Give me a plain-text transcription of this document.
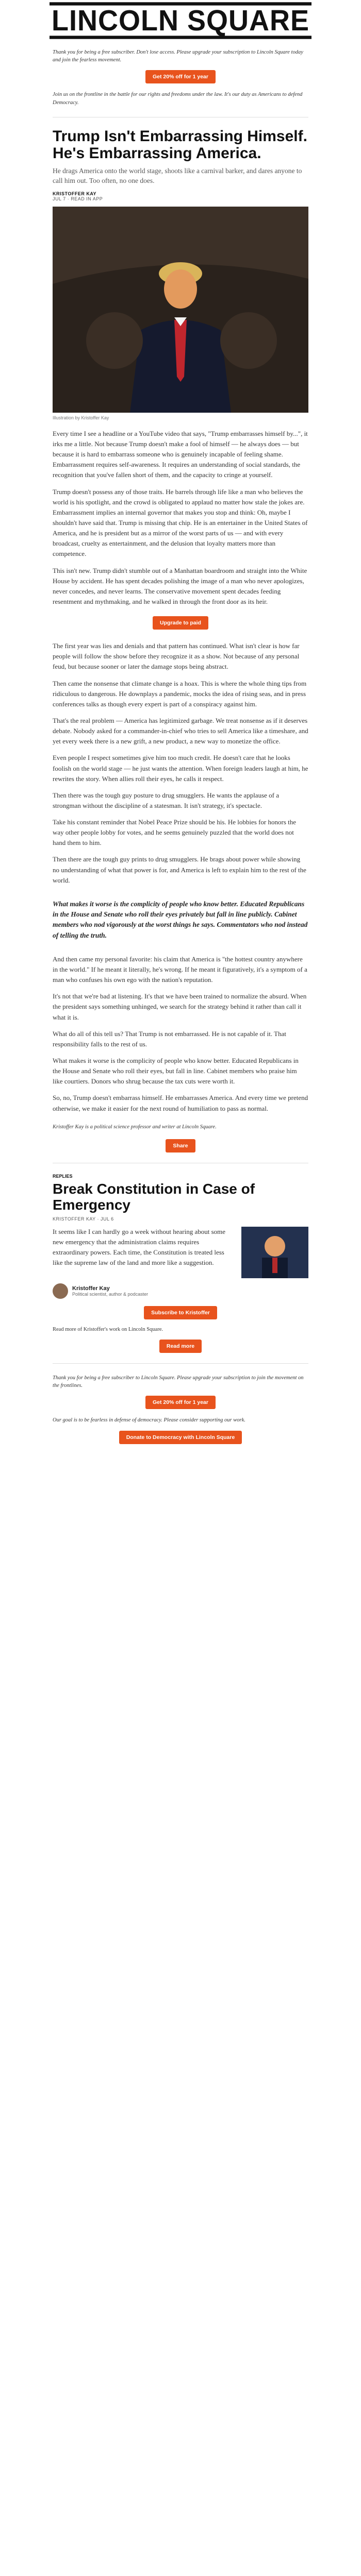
LINCOLN SQUARE

Thank you for being a free subscriber. Don't lose access. Please upgrade your subscription to Lincoln Square today and join the fearless movement.

Get 20% off for 1 year

Join us on the frontline in the battle for our rights and freedoms under the law. It's our duty as Americans to defend Democracy.

Trump Isn't Embarrassing Himself. He's Embarrassing America.
He drags America onto the world stage, shoots like a carnival barker, and dares anyone to call him out. Too often, no one does.
KRISTOFFER KAY
JUL 7 · READ IN APP
Illustration by Kristoffer Kay

Every time I see a headline or a YouTube video that says, "Trump embarrasses himself by...", it irks me a little. Not because Trump doesn't make a fool of himself — he always does — but because it is hard to embarrass someone who is genuinely incapable of feeling shame. Embarrassment requires self-awareness. It requires an understanding of social standards, the recognition that you've fallen short of them, and the capacity to cringe at yourself.

Trump doesn't possess any of those traits. He barrels through life like a man who believes the world is his spotlight, and the crowd is obligated to applaud no matter how stale the jokes are. Embarrassment implies an internal governor that makes you stop and think: Oh, maybe I shouldn't have said that. Trump is missing that chip. He is an entertainer in the United States of America, and he is president but as a mirror of the worst parts of us — and with every broadcast, cruelty as entertainment, and the delusion that loyalty matters more than competence.

This isn't new. Trump didn't stumble out of a Manhattan boardroom and straight into the White House by accident. He has spent decades polishing the image of a man who never apologizes, never concedes, and never learns. The conservative movement spent decades feeding resentment and mythmaking, and he walked in through the front door as its heir.

Upgrade to paid

The first year was lies and denials and that pattern has continued. What isn't clear is how far people will follow the show before they recognize it as a show. Not because of any personal feud, but because sooner or later the damage stops being abstract.

Then came the nonsense that climate change is a hoax. This is where the whole thing tips from ridiculous to dangerous. He downplays a pandemic, mocks the idea of rising seas, and in press conferences talks as though every expert is part of a conspiracy against him.

That's the real problem — America has legitimized garbage. We treat nonsense as if it deserves debate. Nobody asked for a commander-in-chief who tries to sell America like a timeshare, and yet every week there is a new grift, a new product, a new way to monetize the office.

Even people I respect sometimes give him too much credit. He doesn't care that he looks foolish on the world stage — he just wants the attention. When foreign leaders laugh at him, he rewrites the story. When allies roll their eyes, he calls it respect.

Then there was the tough guy posture to drug smugglers. He wants the applause of a strongman without the discipline of a statesman. It isn't strategy, it's spectacle.

Take his constant reminder that Nobel Peace Prize should be his. He lobbies for honors the way other people lobby for votes, and he seems genuinely puzzled that the world does not hand them to him.

Then there are the tough guy prints to drug smugglers. He brags about power while showing no understanding of what that power is for, and America is left to explain him to the rest of the world.

What makes it worse is the complicity of people who know better. Educated Republicans in the House and Senate who roll their eyes privately but fall in line publicly. Cabinet members who nod vigorously at the worst things he says. Commentators who nod instead of telling the truth.

And then came my personal favorite: his claim that America is "the hottest country anywhere in the world." If he meant it literally, he's wrong. If he meant it figuratively, it's a symptom of a man who confuses his own ego with the nation's reputation.

It's not that we're bad at listening. It's that we have been trained to normalize the absurd. When the president says something unhinged, we search for the strategy behind it rather than call it what it is.

What do all of this tell us? That Trump is not embarrassed. He is not capable of it. That responsibility falls to the rest of us.

What makes it worse is the complicity of people who know better. Educated Republicans in the House and Senate who roll their eyes, but fall in line. Cabinet members who praise him like courtiers. Donors who shrug because the tax cuts were worth it.

So, no, Trump doesn't embarrass himself. He embarrasses America. And every time we pretend otherwise, we make it easier for the next round of humiliation to pass as normal.

Kristoffer Kay is a political science professor and writer at Lincoln Square.

Share
REPLIES
Break Constitution in Case of Emergency
KRISTOFFER KAY · JUL 6

It seems like I can hardly go a week without hearing about some new emergency that the administration claims requires extraordinary powers. Each time, the Constitution is treated less like the supreme law of the land and more like a suggestion.

Kristoffer Kay
Political scientist, author & podcaster
Subscribe to Kristoffer

Read more of Kristoffer's work on Lincoln Square.

Read more

Thank you for being a free subscriber to Lincoln Square. Please upgrade your subscription to join the movement on the frontlines.

Get 20% off for 1 year

Our goal is to be fearless in defense of democracy. Please consider supporting our work.

Donate to Democracy with Lincoln Square
